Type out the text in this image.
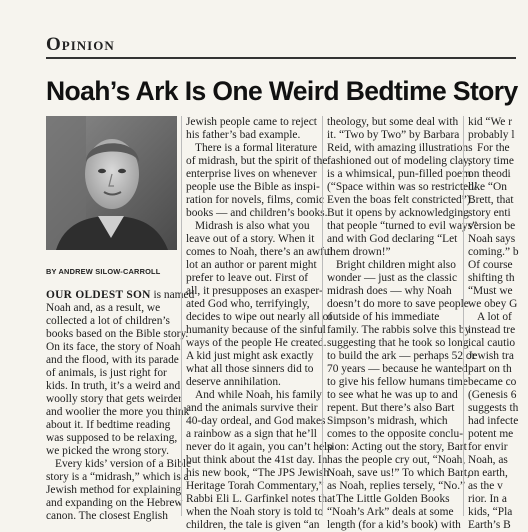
Opinion
Noah’s Ark Is One Weird Bedtime Story
BY ANDREW SILOW-CARROLL
OUR OLDEST SON is named
Noah and, as a result, we
collected a lot of children’s
books based on the Bible story.
On its face, the story of Noah
and the flood, with its parade
of animals, is just right for
kids. In truth, it’s a weird and
woolly story that gets weirder
and woolier the more you think
about it. If bedtime reading
was supposed to be relaxing,
we picked the wrong story.
Every kids’ version of a Bible
story is a “midrash,” which is a
Jewish method for explaining
and expanding on the Hebrew
canon. The closest English
Jewish people came to reject
his father’s bad example.
There is a formal literature
of midrash, but the spirit of the
enterprise lives on whenever
people use the Bible as inspi-
ration for novels, films, comic
books — and children’s books.
Midrash is also what you
leave out of a story. When it
comes to Noah, there’s an awful
lot an author or parent might
prefer to leave out. First of
all, it presupposes an exasper-
ated God who, terrifyingly,
decides to wipe out nearly all of
humanity because of the sinful
ways of the people He created.
A kid just might ask exactly
what all those sinners did to
deserve annihilation.
And while Noah, his family
and the animals survive their
40-day ordeal, and God makes
a rainbow as a sign that he’ll
never do it again, you can’t help
but think about the 41st day. In
his new book, “The JPS Jewish
Heritage Torah Commentary,”
Rabbi Eli L. Garfinkel notes that
when the Noah story is told to
children, the tale is given “an
theology, but some deal with
it. “Two by Two” by Barbara
Reid, with amazing illustrations
fashioned out of modeling clay,
is a whimsical, pun-filled poem
(“Space within was so restricted/
Even the boas felt constricted”).
But it opens by acknowledging
that people “turned to evil ways”
and with God declaring “Let
them drown!”
Bright children might also
wonder — just as the classic
midrash does — why Noah
doesn’t do more to save people
outside of his immediate
family. The rabbis solve this by
suggesting that he took so long
to build the ark — perhaps 52 or
70 years — because he wanted
to give his fellow humans time
to see what he was up to and
repent. But there’s also Bart
Simpson’s midrash, which
comes to the opposite conclu-
sion: Acting out the story, Bart
has the people cry out, “Noah,
Noah, save us!” To which Bart,
as Noah, replies tersely, “No.”
The Little Golden Books
“Noah’s Ark” deals at some
length (for a kid’s book) with
kid “We r
probably l
For the
story time
on theodi
like “On
Brett, that
story enti
version be
Noah says
coming.” b
Of course
shifting th
“Must we
we obey G
A lot of
instead tre
ical cautio
Jewish tra
part on th
became co
(Genesis 6
suggests th
had infecte
potent me
for envir
Noah, as
on earth,
as the v
rior. In a
kids, “Pla
Earth’s B
